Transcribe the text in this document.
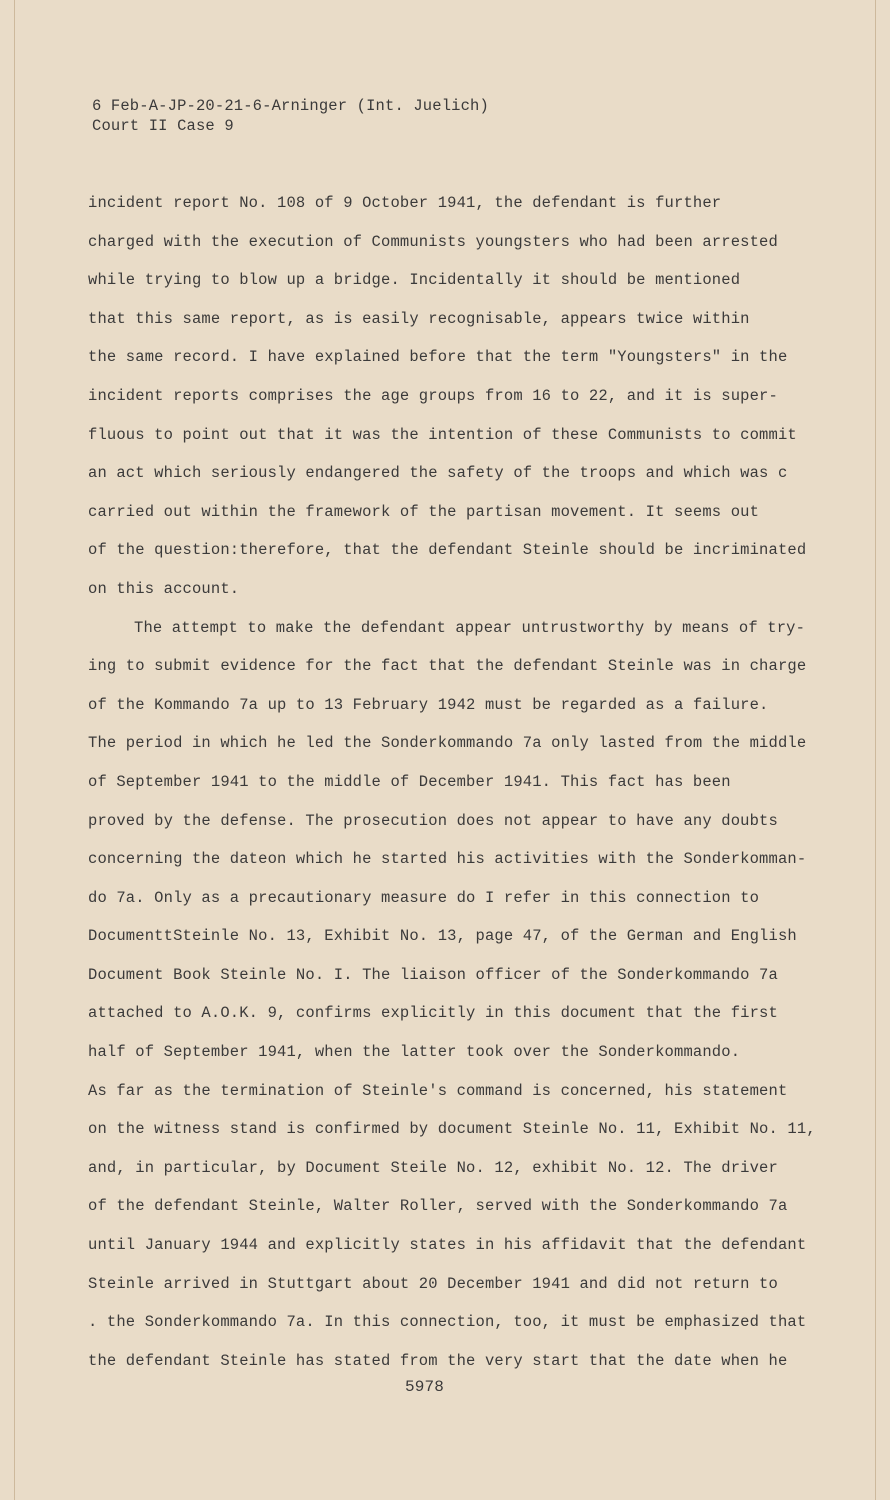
6 Feb-A-JP-20-21-6-Arninger (Int. Juelich)
Court II Case 9
incident report No. 108 of 9 October 1941, the defendant is further
charged with the execution of Communists youngsters who had been arrested
while trying to blow up a bridge. Incidentally it should be mentioned
that this same report, as is easily recognisable, appears twice within
the same record. I have explained before that the term "Youngsters" in the
incident reports comprises the age groups from 16 to 22, and it is super-
fluous to point out that it was the intention of these Communists to commit
an act which seriously endangered the safety of the troops and which was c
carried out within the framework of the partisan movement. It seems out
of the question:therefore, that the defendant Steinle should be incriminated
on this account.
The attempt to make the defendant appear untrustworthy by means of try-
ing to submit evidence for the fact that the defendant Steinle was in charge
of the Kommando 7a up to 13 February 1942 must be regarded as a failure.
The period in which he led the Sonderkommando 7a only lasted from the middle
of September 1941 to the middle of December 1941. This fact has been
proved by the defense. The prosecution does not appear to have any doubts
concerning the dateon which he started his activities with the Sonderkomman-
do 7a. Only as a precautionary measure do I refer in this connection to
DocumenttSteinle No. 13, Exhibit No. 13, page 47, of the German and English
Document Book Steinle No. I. The liaison officer of the Sonderkommando 7a
attached to A.O.K. 9, confirms explicitly in this document that the first
half of September 1941, when the latter took over the Sonderkommando.
As far as the termination of Steinle's command is concerned, his statement
on the witness stand is confirmed by document Steinle No. 11, Exhibit No. 11,
and, in particular, by Document Steile No. 12, exhibit No. 12. The driver
of the defendant Steinle, Walter Roller, served with the Sonderkommando 7a
until January 1944 and explicitly states in his affidavit that the defendant
Steinle arrived in Stuttgart about 20 December 1941 and did not return to
. the Sonderkommando 7a. In this connection, too, it must be emphasized that
the defendant Steinle has stated from the very start that the date when he
5978
